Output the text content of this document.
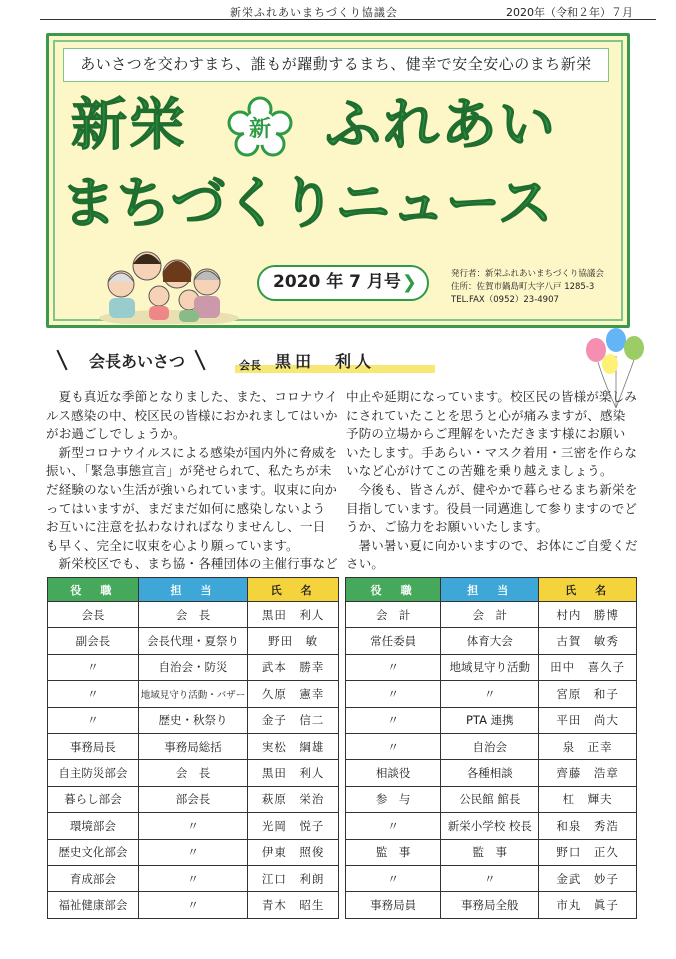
新栄ふれあいまちづくり協議会	2020年（令和２年）７月
あいさつを交わすまち、誰もが躍動するまち、健幸で安全安心のまち新栄
新栄 ふれあい
新
まちづくりニュース
2020 年 7 月号 ❯	発行者：新栄ふれあいまちづくり協議会
住所：佐賀市鍋島町大字八戸 1285-3
TEL.FAX（0952）23-4907
会長あいさつ	会長 黒田　利人

夏も真近な季節となりました、また、コロナウイルス感染の中、校区民の皆様におかれましてはいかがお過ごしでしょうか。

新型コロナウイルスによる感染が国内外に脅威を振い、「緊急事態宣言」が発せられて、私たちが未だ経験のない生活が強いられています。収束に向かってはいますが、まだまだ如何に感染しないようお互いに注意を払わなければなりませんし、一日も早く、完全に収束を心より願っています。

新栄校区でも、まち協・各種団体の主催行事など

中止や延期になっています。校区民の皆様が楽しみにされていたことを思うと心が痛みますが、感染予防の立場からご理解をいただきます様にお願いいたします。手あらい・マスク着用・三密を作らないなど心がけてこの苦難を乗り越えましょう。

今後も、皆さんが、健やかで暮らせるまち新栄を目指しています。役員一同邁進して参りますのでどうか、ご協力をお願いいたします。

暑い暑い夏に向かいますので、お体にご自愛ください。

役　職	担　当	氏　名
会長	会　長	黒田　利人
副会長	会長代理・夏祭り	野田　敏
〃	自治会・防災	武本　勝幸
〃	地域見守り活動・バザー	久原　憲幸
〃	歴史・秋祭り	金子　信二
事務局長	事務局総括	実松　綱雄
自主防災部会	会　長	黒田　利人
暮らし部会	部会長	萩原　栄治
環境部会	〃	光岡　悦子
歴史文化部会	〃	伊東　照俊
育成部会	〃	江口　利朗
福祉健康部会	〃	青木　昭生
役　職	担　当	氏　名
会　計	会　計	村内　勝博
常任委員	体育大会	古賀　敏秀
〃	地域見守り活動	田中　喜久子
〃	〃	宮原　和子
〃	PTA 連携	平田　尚大
〃	自治会	泉　正幸
相談役	各種相談	齊藤　浩章
参　与	公民館 館長	杠　輝夫
〃	新栄小学校 校長	和泉　秀浩
監　事	監　事	野口　正久
〃	〃	金武　妙子
事務局員	事務局全般	市丸　眞子
